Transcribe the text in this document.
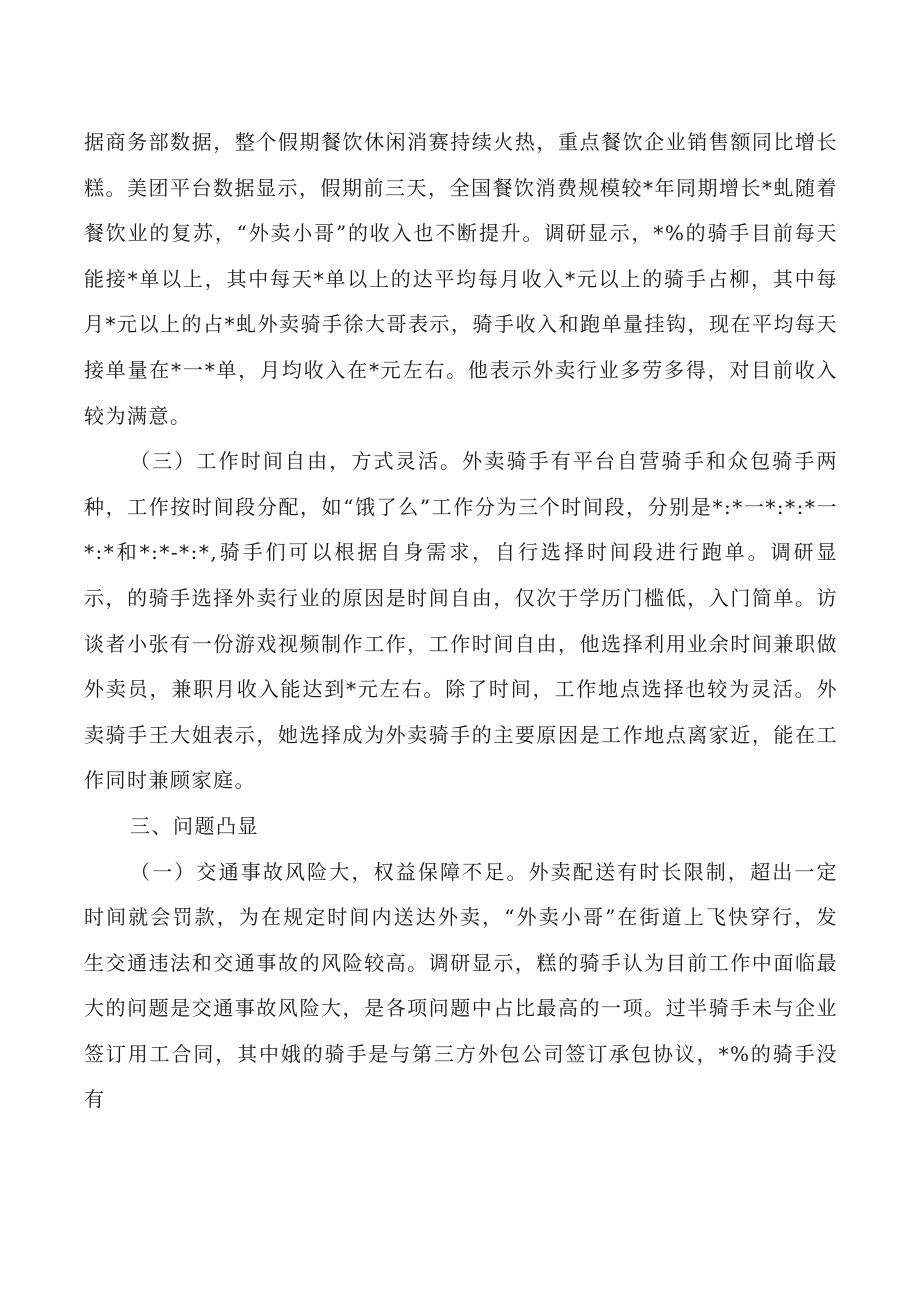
据商务部数据，整个假期餐饮休闲消赛持续火热，重点餐饮企业销售额同比增长糕。美团平台数据显示，假期前三天，全国餐饮消费规模较*年同期增长*虬随着餐饮业的复苏，“外卖小哥”的收入也不断提升。调研显示，*%的骑手目前每天能接*单以上，其中每天*单以上的达平均每月收入*元以上的骑手占柳，其中每月*元以上的占*虬外卖骑手徐大哥表示，骑手收入和跑单量挂钩，现在平均每天接单量在*一*单，月均收入在*元左右。他表示外卖行业多劳多得，对目前收入较为满意。

（三）工作时间自由，方式灵活。外卖骑手有平台自营骑手和众包骑手两种，工作按时间段分配，如“饿了么”工作分为三个时间段，分别是*:*一*:*:*一*:*和*:*-*:*,骑手们可以根据自身需求，自行选择时间段进行跑单。调研显示，的骑手选择外卖行业的原因是时间自由，仅次于学历门槛低，入门简单。访谈者小张有一份游戏视频制作工作，工作时间自由，他选择利用业余时间兼职做外卖员，兼职月收入能达到*元左右。除了时间，工作地点选择也较为灵活。外卖骑手王大姐表示，她选择成为外卖骑手的主要原因是工作地点离家近，能在工作同时兼顾家庭。

三、问题凸显

（一）交通事故风险大，权益保障不足。外卖配送有时长限制，超出一定时间就会罚款，为在规定时间内送达外卖，“外卖小哥”在街道上飞快穿行，发生交通违法和交通事故的风险较高。调研显示，糕的骑手认为目前工作中面临最大的问题是交通事故风险大，是各项问题中占比最高的一项。过半骑手未与企业签订用工合同，其中娥的骑手是与第三方外包公司签订承包协议，*%的骑手没有
